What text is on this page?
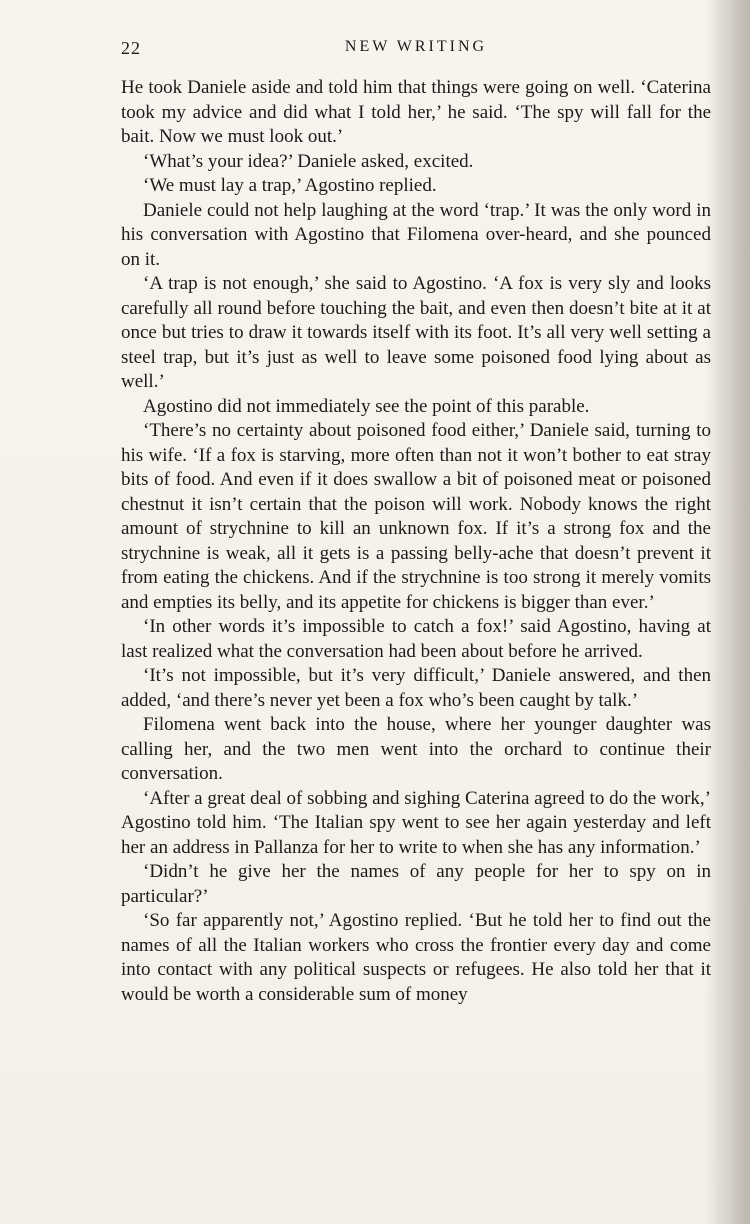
22	NEW WRITING

He took Daniele aside and told him that things were going on well. ‘Caterina took my advice and did what I told her,’ he said. ‘The spy will fall for the bait. Now we must look out.’

‘What’s your idea?’ Daniele asked, excited.

‘We must lay a trap,’ Agostino replied.

Daniele could not help laughing at the word ‘trap.’ It was the only word in his conversation with Agostino that Filomena over-heard, and she pounced on it.

‘A trap is not enough,’ she said to Agostino. ‘A fox is very sly and looks carefully all round before touching the bait, and even then doesn’t bite at it at once but tries to draw it towards itself with its foot. It’s all very well setting a steel trap, but it’s just as well to leave some poisoned food lying about as well.’

Agostino did not immediately see the point of this parable.

‘There’s no certainty about poisoned food either,’ Daniele said, turning to his wife. ‘If a fox is starving, more often than not it won’t bother to eat stray bits of food. And even if it does swallow a bit of poisoned meat or poisoned chestnut it isn’t certain that the poison will work. Nobody knows the right amount of strychnine to kill an unknown fox. If it’s a strong fox and the strychnine is weak, all it gets is a passing belly-ache that doesn’t prevent it from eating the chickens. And if the strychnine is too strong it merely vomits and empties its belly, and its appetite for chickens is bigger than ever.’

‘In other words it’s impossible to catch a fox!’ said Agostino, having at last realized what the conversation had been about before he arrived.

‘It’s not impossible, but it’s very difficult,’ Daniele answered, and then added, ‘and there’s never yet been a fox who’s been caught by talk.’

Filomena went back into the house, where her younger daughter was calling her, and the two men went into the orchard to continue their conversation.

‘After a great deal of sobbing and sighing Caterina agreed to do the work,’ Agostino told him. ‘The Italian spy went to see her again yesterday and left her an address in Pallanza for her to write to when she has any information.’

‘Didn’t he give her the names of any people for her to spy on in particular?’

‘So far apparently not,’ Agostino replied. ‘But he told her to find out the names of all the Italian workers who cross the frontier every day and come into contact with any political suspects or refugees. He also told her that it would be worth a considerable sum of money
